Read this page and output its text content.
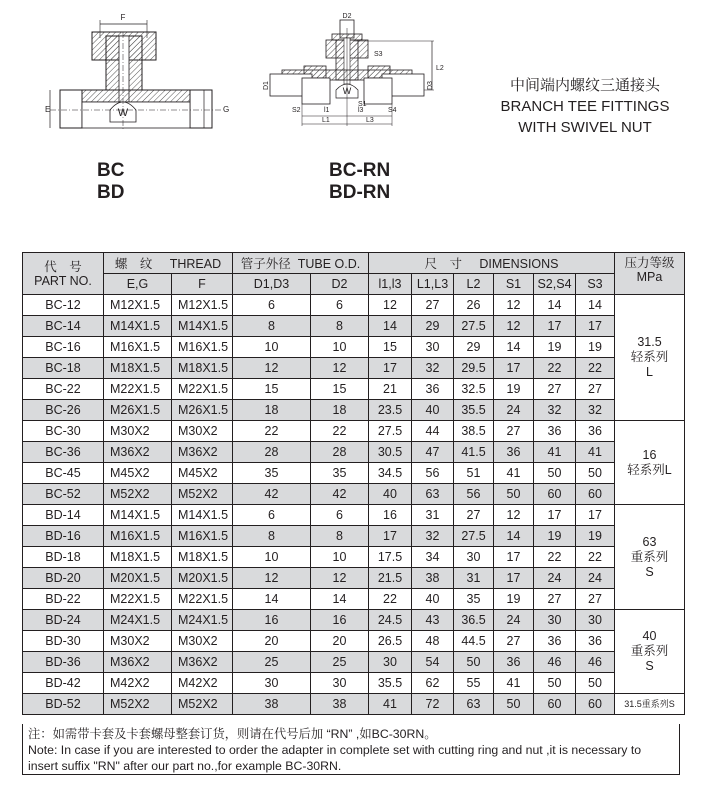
F
W
E	G
D2
S3
L2
W
D1	D3
S1
S2	l1	l3	S4
L1	L3
BC
BD
BC-RN
BD-RN
中间端内螺纹三通接头
BRANCH TEE FITTINGS
WITH SWIVEL NUT
代　号
PART NO.
	螺　纹 THREAD	管子外径 TUBE O.D.	尺　寸 DIMENSIONS	压力等级
MPa

	E,G	F	D1,D3	D2	l1,l3	L1,L3	L2	S1	S2,S4	S3	
BC-12	M12X1.5	M12X1.5	6	6	12	27	26	12	14	14	31.5
轻系列
L

BC-14	M14X1.5	M14X1.5	8	8	14	29	27.5	12	17	17	
BC-16	M16X1.5	M16X1.5	10	10	15	30	29	14	19	19	
BC-18	M18X1.5	M18X1.5	12	12	17	32	29.5	17	22	22	
BC-22	M22X1.5	M22X1.5	15	15	21	36	32.5	19	27	27	
BC-26	M26X1.5	M26X1.5	18	18	23.5	40	35.5	24	32	32	
BC-30	M30X2	M30X2	22	22	27.5	44	38.5	27	36	36	16
轻系列L

BC-36	M36X2	M36X2	28	28	30.5	47	41.5	36	41	41	
BC-45	M45X2	M45X2	35	35	34.5	56	51	41	50	50	
BC-52	M52X2	M52X2	42	42	40	63	56	50	60	60	
BD-14	M14X1.5	M14X1.5	6	6	16	31	27	12	17	17	63
重系列
S

BD-16	M16X1.5	M16X1.5	8	8	17	32	27.5	14	19	19	
BD-18	M18X1.5	M18X1.5	10	10	17.5	34	30	17	22	22	
BD-20	M20X1.5	M20X1.5	12	12	21.5	38	31	17	24	24	
BD-22	M22X1.5	M22X1.5	14	14	22	40	35	19	27	27	
BD-24	M24X1.5	M24X1.5	16	16	24.5	43	36.5	24	30	30	40
重系列
S

BD-30	M30X2	M30X2	20	20	26.5	48	44.5	27	36	36	
BD-36	M36X2	M36X2	25	25	30	54	50	36	46	46	
BD-42	M42X2	M42X2	30	30	35.5	62	55	41	50	50	
BD-52	M52X2	M52X2	38	38	41	72	63	50	60	60	31.5重系列S
注：如需带卡套及卡套螺母整套订货，则请在代号后加 “RN” ,如BC-30RN。
Note: In case if you are interested to order the adapter in complete set with cutting ring and nut ,it is necessary to insert suffix "RN" after our part no.,for example BC-30RN.
